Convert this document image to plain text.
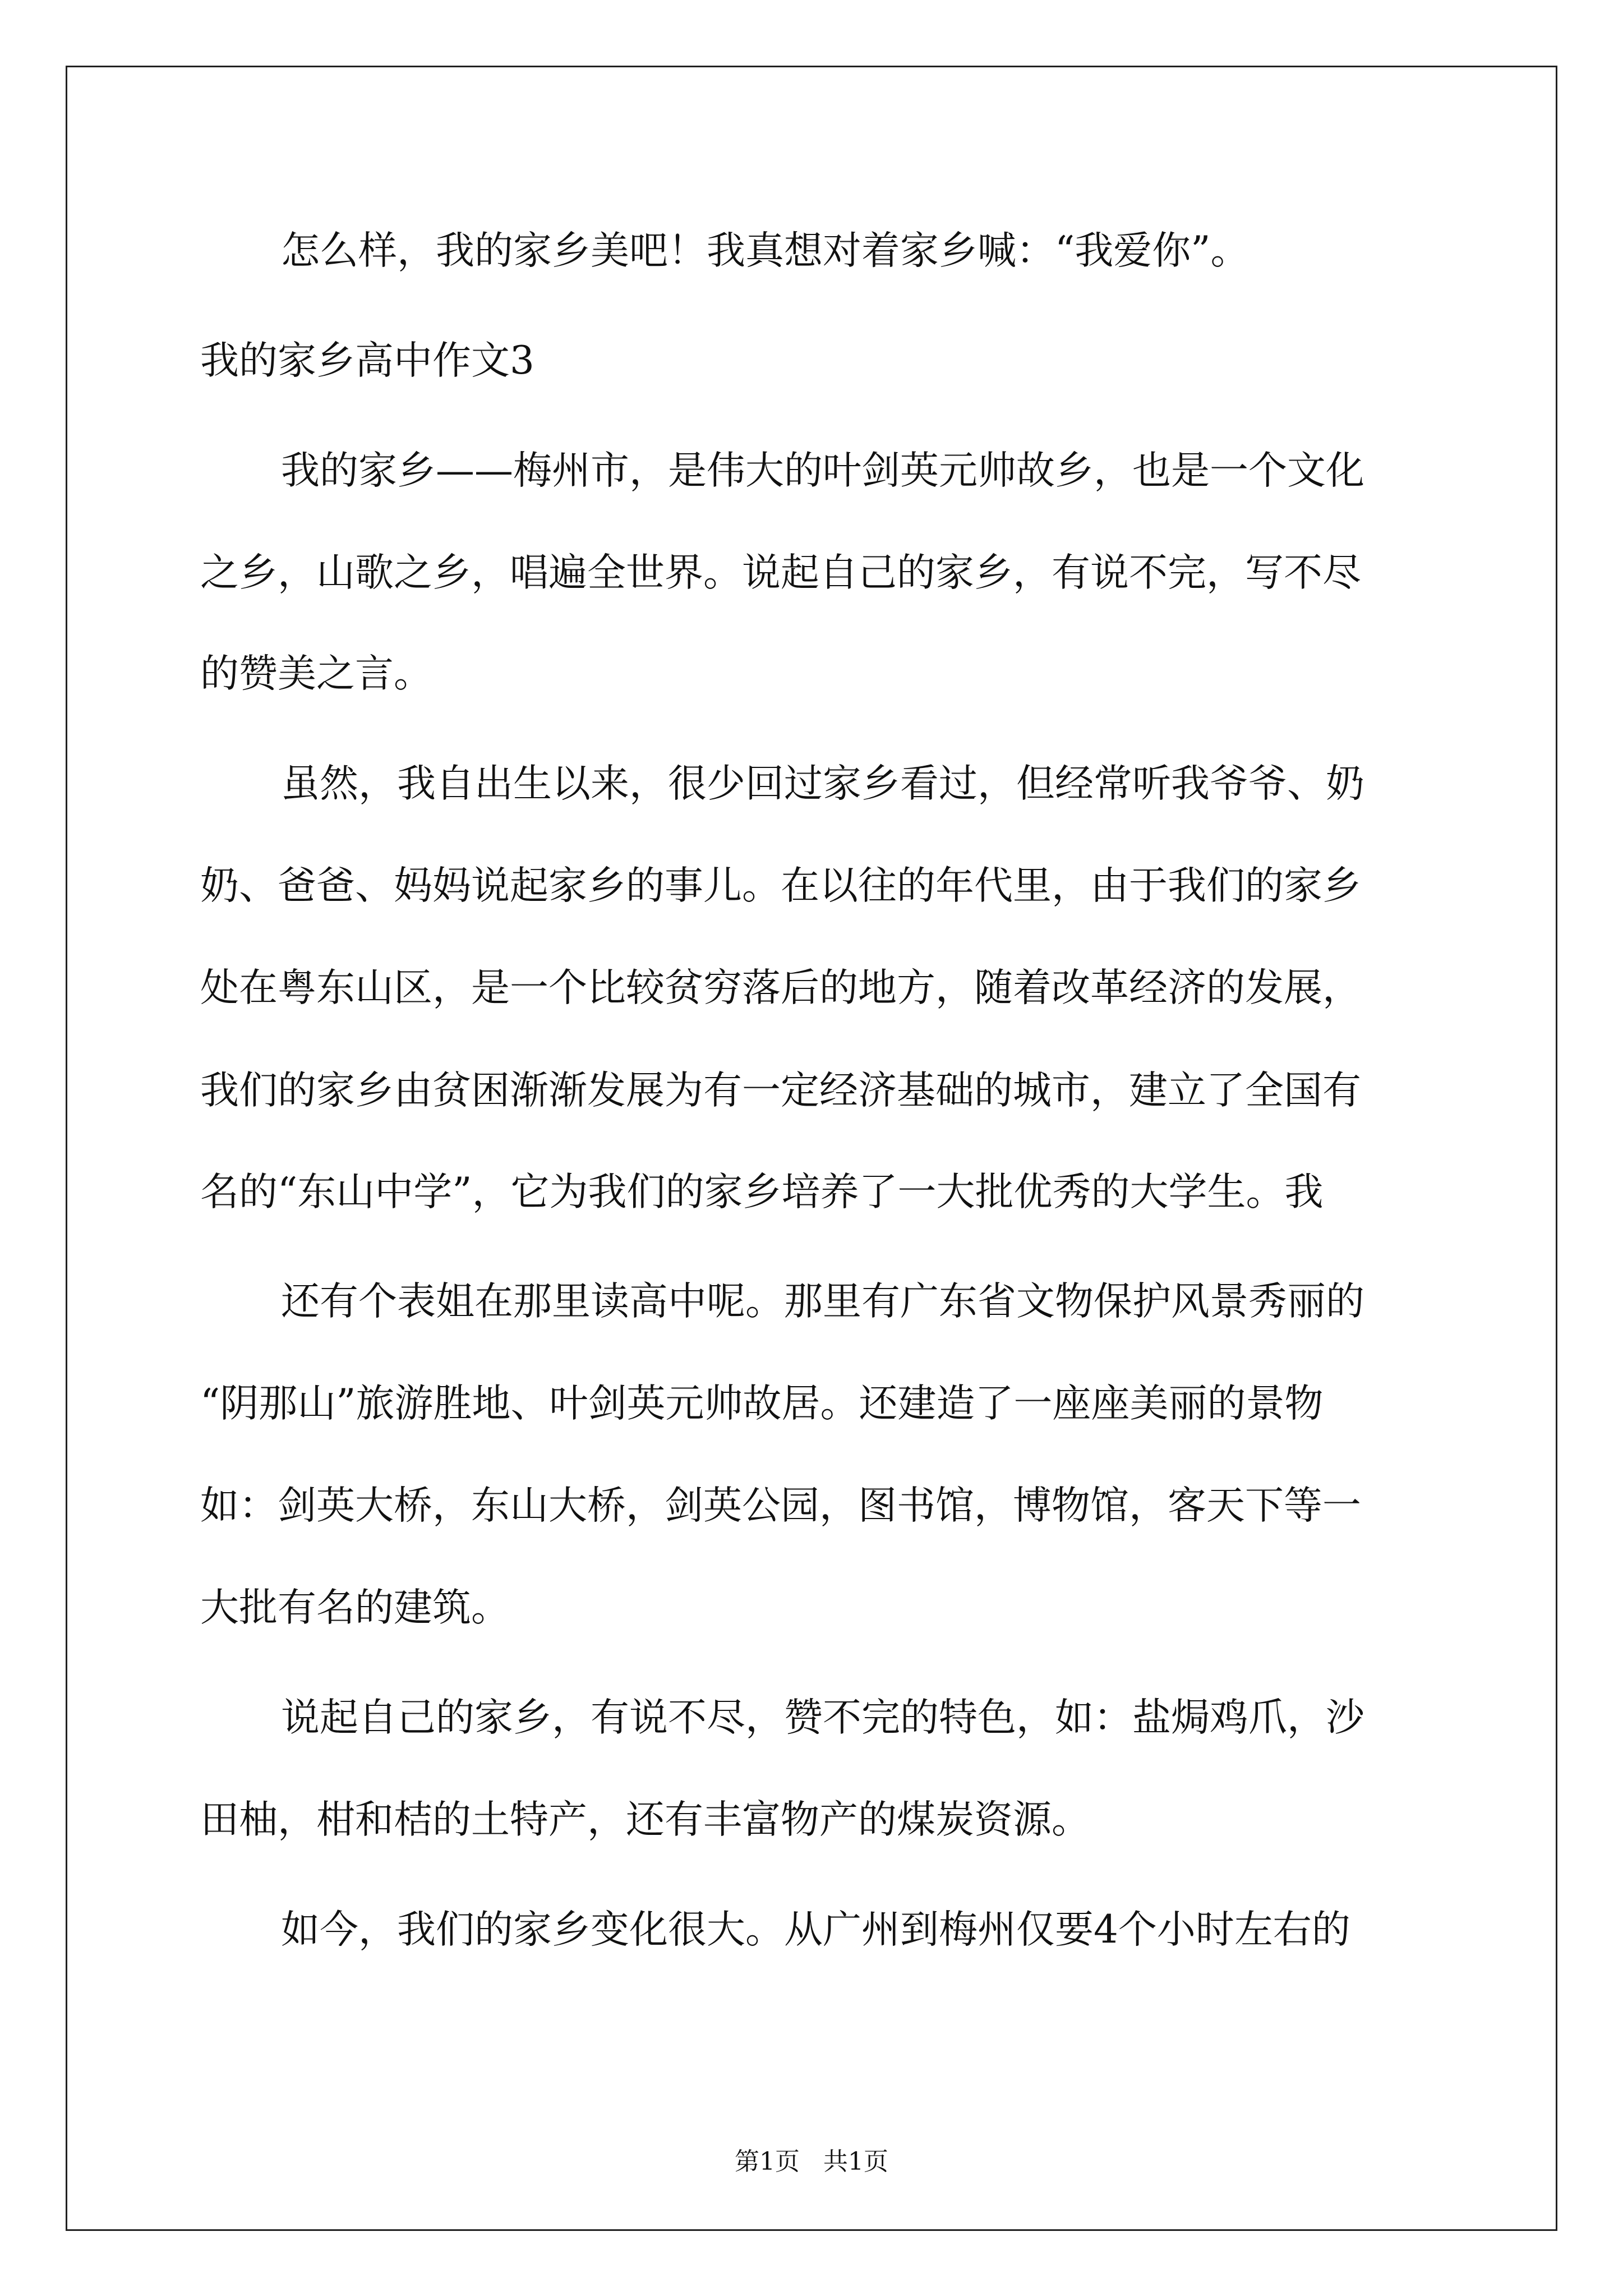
怎么样，我的家乡美吧！我真想对着家乡喊：“我爱你”。
我的家乡高中作文3
我的家乡——梅州市，是伟大的叶剑英元帅故乡，也是一个文化
之乡，山歌之乡，唱遍全世界。说起自己的家乡，有说不完，写不尽
的赞美之言。
虽然，我自出生以来，很少回过家乡看过，但经常听我爷爷、奶
奶、爸爸、妈妈说起家乡的事儿。在以往的年代里，由于我们的家乡
处在粤东山区，是一个比较贫穷落后的地方，随着改革经济的发展，
我们的家乡由贫困渐渐发展为有一定经济基础的城市，建立了全国有
名的“东山中学”，它为我们的家乡培养了一大批优秀的大学生。我
还有个表姐在那里读高中呢。那里有广东省文物保护风景秀丽的
“阴那山”旅游胜地、叶剑英元帅故居。还建造了一座座美丽的景物
如：剑英大桥，东山大桥，剑英公园，图书馆，博物馆，客天下等一
大批有名的建筑。
说起自己的家乡，有说不尽，赞不完的特色，如：盐焗鸡爪，沙
田柚，柑和桔的土特产，还有丰富物产的煤炭资源。
如今，我们的家乡变化很大。从广州到梅州仅要4个小时左右的
第1页   共1页
